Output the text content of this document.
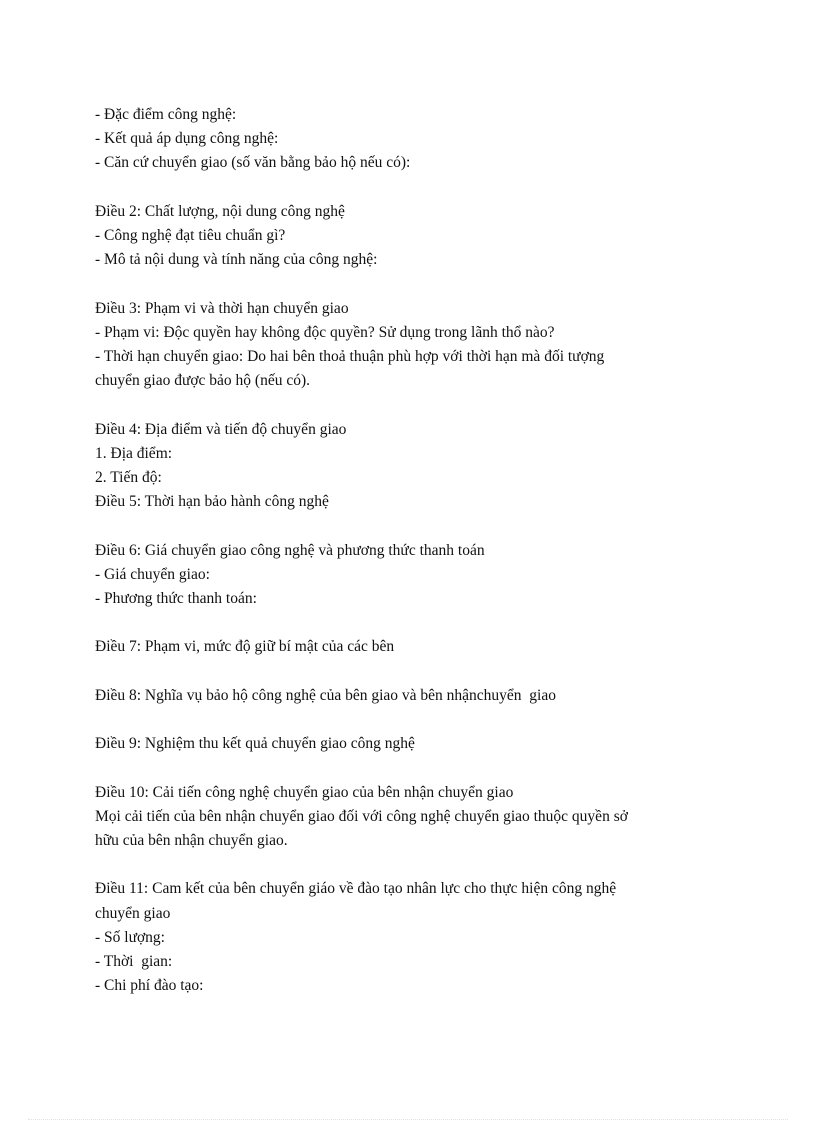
- Đặc điểm công nghệ:
- Kết quả áp dụng công nghệ:
- Căn cứ chuyển giao (số văn bằng bảo hộ nếu có):
Điều 2: Chất lượng, nội dung công nghệ
- Công nghệ đạt tiêu chuẩn gì?
- Mô tả nội dung và tính năng của công nghệ:
Điều 3: Phạm vi và thời hạn chuyển giao
- Phạm vi: Độc quyền hay không độc quyền? Sử dụng trong lãnh thổ nào?
- Thời hạn chuyển giao: Do hai bên thoả thuận phù hợp với thời hạn mà đối tượng
chuyển giao được bảo hộ (nếu có).
Điều 4: Địa điểm và tiến độ chuyển giao
1. Địa điểm:
2. Tiến độ:
Điều 5: Thời hạn bảo hành công nghệ
Điều 6: Giá chuyển giao công nghệ và phương thức thanh toán
- Giá chuyển giao:
- Phương thức thanh toán:
Điều 7: Phạm vi, mức độ giữ bí mật của các bên
Điều 8: Nghĩa vụ bảo hộ công nghệ của bên giao và bên nhậnchuyển  giao
Điều 9: Nghiệm thu kết quả chuyển giao công nghệ
Điều 10: Cải tiến công nghệ chuyển giao của bên nhận chuyển giao
Mọi cải tiến của bên nhận chuyển giao đối với công nghệ chuyển giao thuộc quyền sở
hữu của bên nhận chuyển giao.
Điều 11: Cam kết của bên chuyển giáo về đào tạo nhân lực cho thực hiện công nghệ
chuyển giao
- Số lượng:
- Thời  gian:
- Chi phí đào tạo:
